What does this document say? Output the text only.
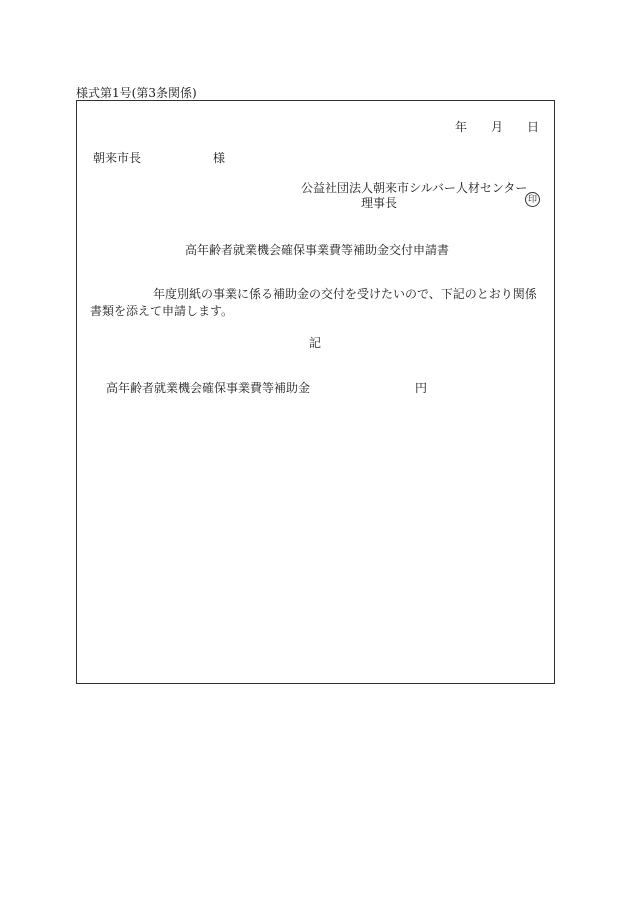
様式第1号(第3条関係)
年 月 日
朝来市長	様
公益社団法人朝来市シルバー人材センター
理事長	印
高年齢者就業機会確保事業費等補助金交付申請書
年度別紙の事業に係る補助金の交付を受けたいので、下記のとおり関係書類を添えて申請します。
記
高年齢者就業機会確保事業費等補助金	円
